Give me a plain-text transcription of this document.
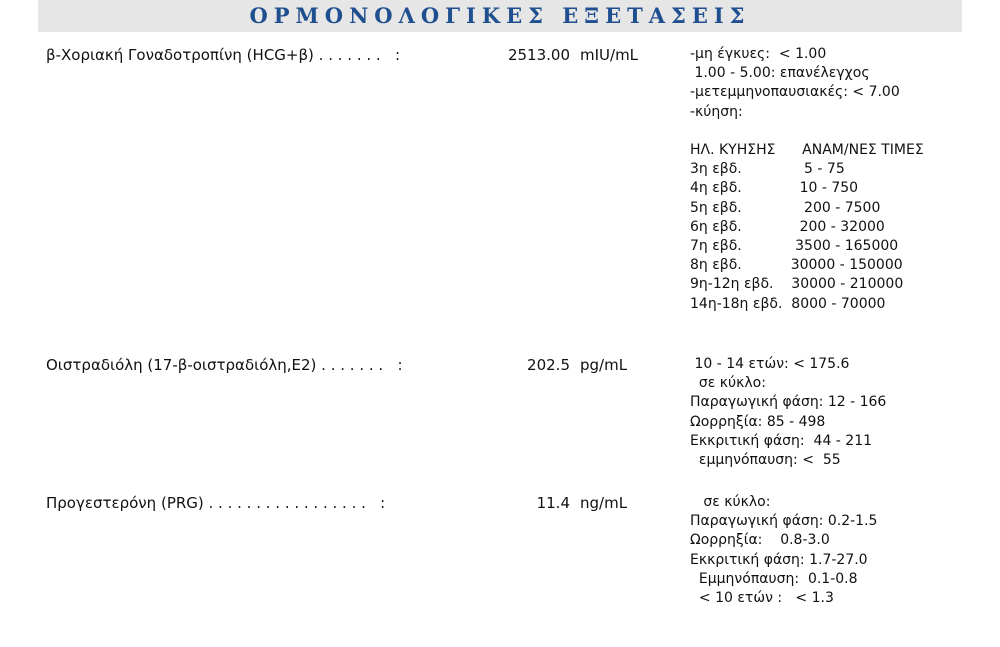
ΟΡΜΟΝΟΛΟΓΙΚΕΣ ΕΞΕΤΑΣΕΙΣ
β-Χοριακή Γοναδοτροπίνη (HCG+β) . . . . . . .   :	2513.00 mIU/mL	-μη έγκυες:  < 1.00
1.00 - 5.00: επανέλεγχος
-μετεμμηνοπαυσιακές: < 7.00
-κύηση:

ΗΛ. ΚΥΗΣΗΣ      ΑΝΑΜ/ΝΕΣ ΤΙΜΕΣ
3η εβδ.              5 - 75
4η εβδ.             10 - 750
5η εβδ.              200 - 7500
6η εβδ.             200 - 32000
7η εβδ.            3500 - 165000
8η εβδ.           30000 - 150000
9η-12η εβδ.    30000 - 210000
14η-18η εβδ.  8000 - 70000
Οιστραδιόλη (17-β-οιστραδιόλη,E2) . . . . . . .   :	202.5 pg/mL	10 - 14 ετών: < 175.6
σε κύκλο:
Παραγωγική φάση: 12 - 166
Ωορρηξία: 85 - 498
Εκκριτική φάση:  44 - 211
εμμηνόπαυση: <  55
Προγεστερόνη (PRG) . . . . . . . . . . . . . . . . .   :	11.4 ng/mL	σε κύκλο:
Παραγωγική φάση: 0.2-1.5
Ωορρηξία:    0.8-3.0
Εκκριτική φάση: 1.7-27.0
Εμμηνόπαυση:  0.1-0.8
< 10 ετών :   < 1.3
